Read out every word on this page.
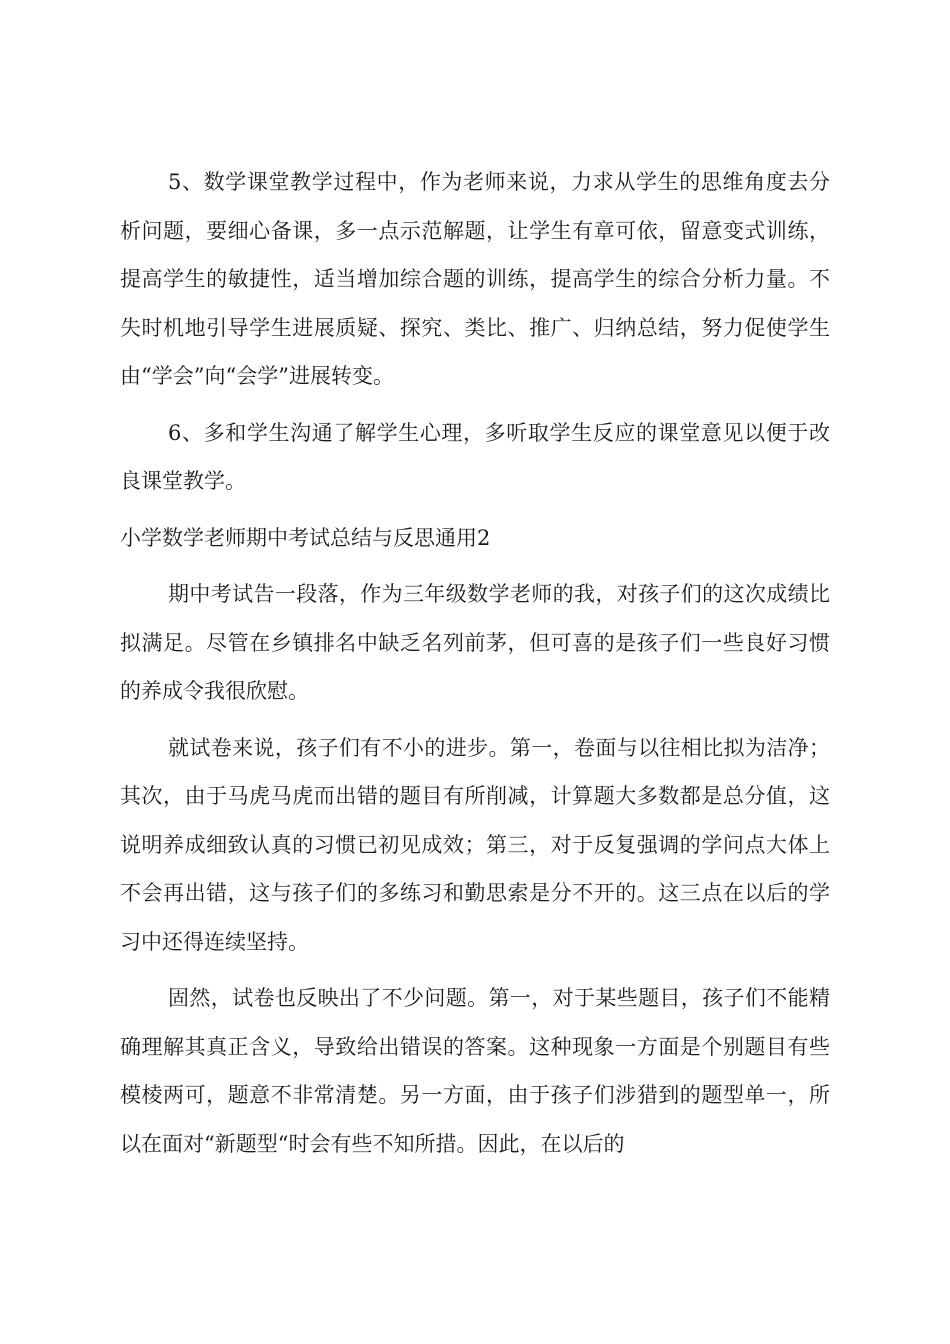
5、数学课堂教学过程中，作为老师来说，力求从学生的思维角度去分析问题，要细心备课，多一点示范解题，让学生有章可依，留意变式训练，提高学生的敏捷性，适当增加综合题的训练，提高学生的综合分析力量。不失时机地引导学生进展质疑、探究、类比、推广、归纳总结，努力促使学生由“学会”向“会学”进展转变。

6、多和学生沟通了解学生心理，多听取学生反应的课堂意见以便于改良课堂教学。

小学数学老师期中考试总结与反思通用2

期中考试告一段落，作为三年级数学老师的我，对孩子们的这次成绩比拟满足。尽管在乡镇排名中缺乏名列前茅，但可喜的是孩子们一些良好习惯的养成令我很欣慰。

就试卷来说，孩子们有不小的进步。第一，卷面与以往相比拟为洁净；其次，由于马虎马虎而出错的题目有所削减，计算题大多数都是总分值，这说明养成细致认真的习惯已初见成效；第三，对于反复强调的学问点大体上不会再出错，这与孩子们的多练习和勤思索是分不开的。这三点在以后的学习中还得连续坚持。

固然，试卷也反映出了不少问题。第一，对于某些题目，孩子们不能精确理解其真正含义，导致给出错误的答案。这种现象一方面是个别题目有些模棱两可，题意不非常清楚。另一方面，由于孩子们涉猎到的题型单一，所以在面对“新题型“时会有些不知所措。因此，在以后的
